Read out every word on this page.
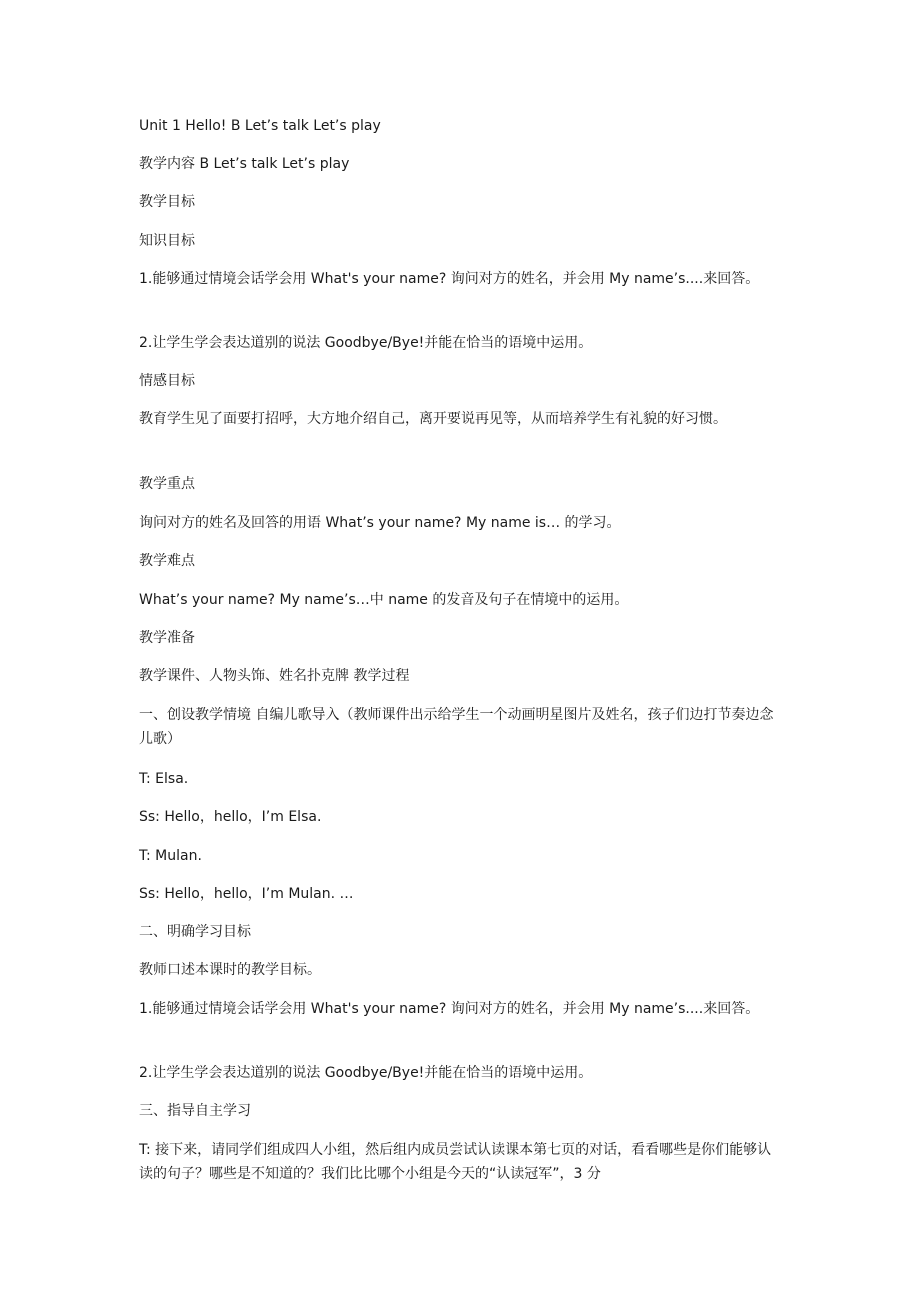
Unit 1 Hello! B Let’s talk Let’s play

教学内容 B Let’s talk Let’s play

教学目标

知识目标

1.能够通过情境会话学会用 What's your name? 询问对方的姓名，并会用 My name’s....来回答。

2.让学生学会表达道别的说法 Goodbye/Bye!并能在恰当的语境中运用。

情感目标

教育学生见了面要打招呼，大方地介绍自己，离开要说再见等，从而培养学生有礼貌的好习惯。

教学重点

询问对方的姓名及回答的用语 What’s your name? My name is… 的学习。

教学难点

What’s your name? My name’s…中 name 的发音及句子在情境中的运用。

教学准备

教学课件、人物头饰、姓名扑克牌 教学过程

一、创设教学情境 自编儿歌导入（教师课件出示给学生一个动画明星图片及姓名，孩子们边打节奏边念儿歌）

T: Elsa.

Ss: Hello，hello，I’m Elsa.

T: Mulan.

Ss: Hello，hello，I’m Mulan. …

二、明确学习目标

教师口述本课时的教学目标。

1.能够通过情境会话学会用 What's your name? 询问对方的姓名，并会用 My name’s....来回答。

2.让学生学会表达道别的说法 Goodbye/Bye!并能在恰当的语境中运用。

三、指导自主学习

T: 接下来，请同学们组成四人小组，然后组内成员尝试认读课本第七页的对话，看看哪些是你们能够认读的句子？哪些是不知道的？我们比比哪个小组是今天的“认读冠军”，3 分
